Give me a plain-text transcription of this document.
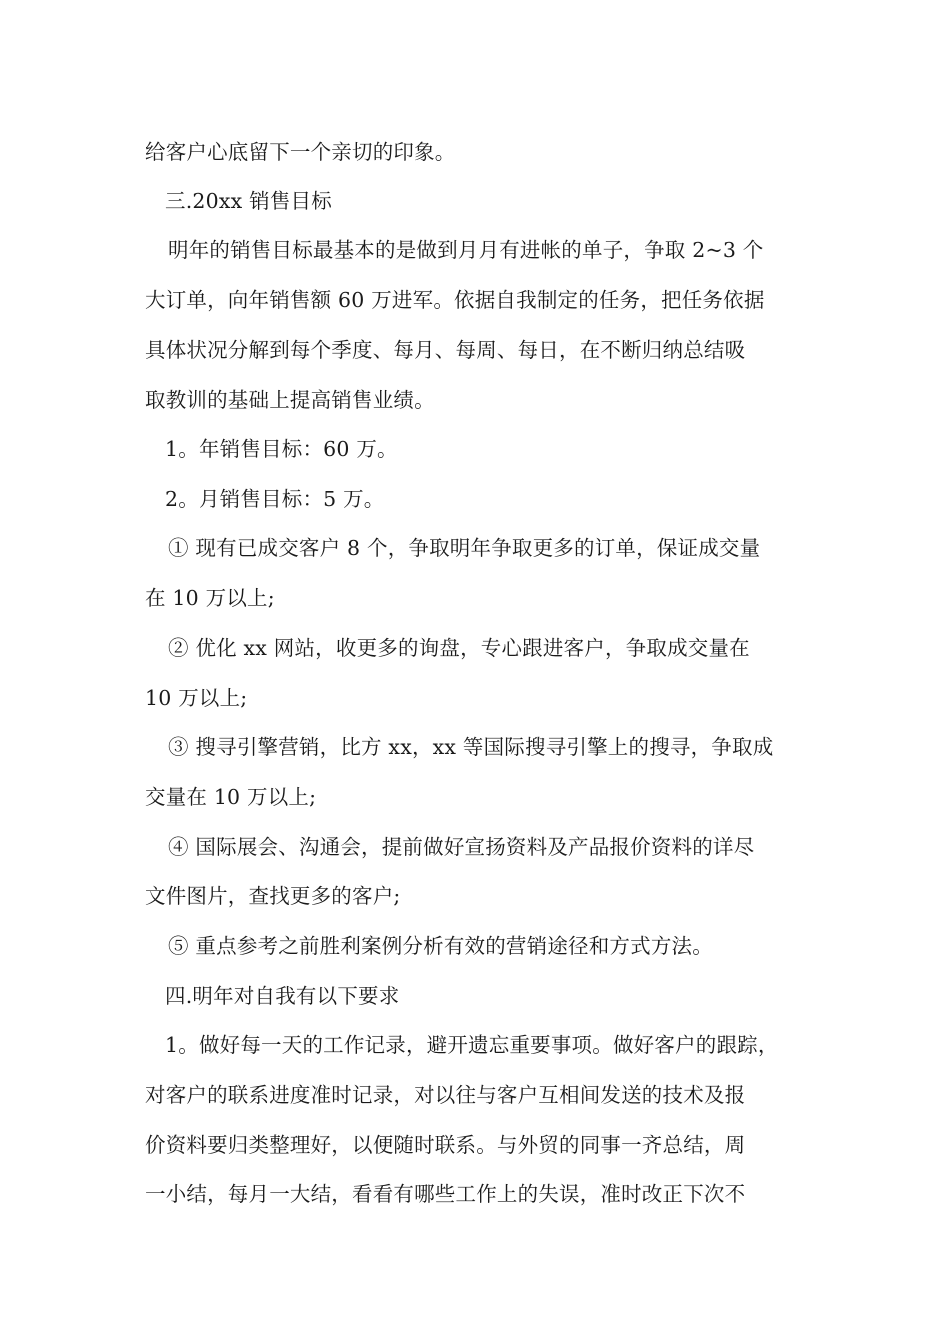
给客户心底留下一个亲切的印象。
三.20xx 销售目标
明年的销售目标最基本的是做到月月有进帐的单子，争取 2~3 个
大订单，向年销售额 60 万进军。依据自我制定的任务，把任务依据
具体状况分解到每个季度、每月、每周、每日，在不断归纳总结吸
取教训的基础上提高销售业绩。
1。年销售目标：60 万。
2。月销售目标：5 万。
① 现有已成交客户 8 个，争取明年争取更多的订单，保证成交量
在 10 万以上;
② 优化 xx 网站，收更多的询盘，专心跟进客户，争取成交量在
10 万以上;
③ 搜寻引擎营销，比方 xx，xx 等国际搜寻引擎上的搜寻，争取成
交量在 10 万以上;
④ 国际展会、沟通会，提前做好宣扬资料及产品报价资料的详尽
文件图片，查找更多的客户;
⑤ 重点参考之前胜利案例分析有效的营销途径和方式方法。
四.明年对自我有以下要求
1。做好每一天的工作记录，避开遗忘重要事项。做好客户的跟踪，
对客户的联系进度准时记录，对以往与客户互相间发送的技术及报
价资料要归类整理好，以便随时联系。与外贸的同事一齐总结，周
一小结，每月一大结，看看有哪些工作上的失误，准时改正下次不
